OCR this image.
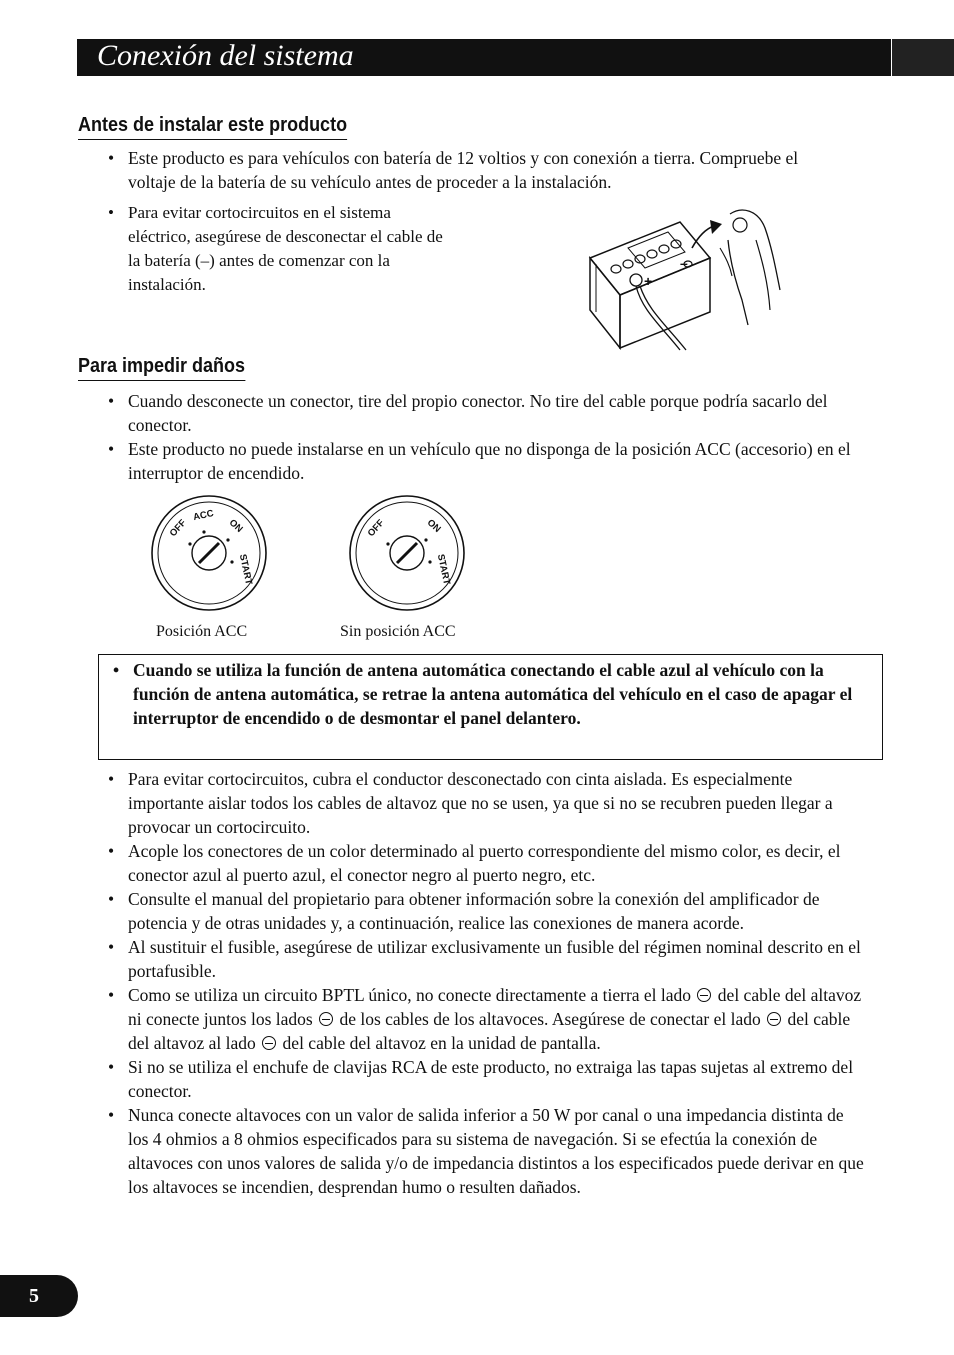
Conexión del sistema
Antes de instalar este producto
• Este producto es para vehículos con batería de 12 voltios y con conexión a tierra. Compruebe el voltaje de la batería de su vehículo antes de proceder a la instalación.
• Para evitar cortocircuitos en el sistema eléctrico, asegúrese de desconectar el cable de la batería (–) antes de comenzar con la instalación.	+
–
Para impedir daños
• Cuando desconecte un conector, tire del propio conector. No tire del cable porque podría sacarlo del conector.
• Este producto no puede instalarse en un vehículo que no disponga de la posición ACC (accesorio) en el interruptor de encendido.
OFF
ACC
ON
START
Posición ACC
OFF	ON
START
Sin posición ACC
• Cuando se utiliza la función de antena automática conectando el cable azul al vehículo con la función de antena automática, se retrae la antena automática del vehículo en el caso de apagar el interruptor de encendido o de desmontar el panel delantero.
• Para evitar cortocircuitos, cubra el conductor desconectado con cinta aislada. Es especialmente importante aislar todos los cables de altavoz que no se usen, ya que si no se recubren pueden llegar a provocar un cortocircuito.
• Acople los conectores de un color determinado al puerto correspondiente del mismo color, es decir, el conector azul al puerto azul, el conector negro al puerto negro, etc.
• Consulte el manual del propietario para obtener información sobre la conexión del amplificador de potencia y de otras unidades y, a continuación, realice las conexiones de manera acorde.
• Al sustituir el fusible, asegúrese de utilizar exclusivamente un fusible del régimen nominal descrito en el portafusible.
• Como se utiliza un circuito BPTL único, no conecte directamente a tierra el lado del cable del altavoz ni conecte juntos los lados de los cables de los altavoces. Asegúrese de conectar el lado del cable del altavoz al lado del cable del altavoz en la unidad de pantalla.
• Si no se utiliza el enchufe de clavijas RCA de este producto, no extraiga las tapas sujetas al extremo del conector.
• Nunca conecte altavoces con un valor de salida inferior a 50 W por canal o una impedancia distinta de los 4 ohmios a 8 ohmios especificados para su sistema de navegación. Si se efectúa la conexión de altavoces con unos valores de salida y/o de impedancia distintos a los especificados puede derivar en que los altavoces se incendien, desprendan humo o resulten dañados.
5
